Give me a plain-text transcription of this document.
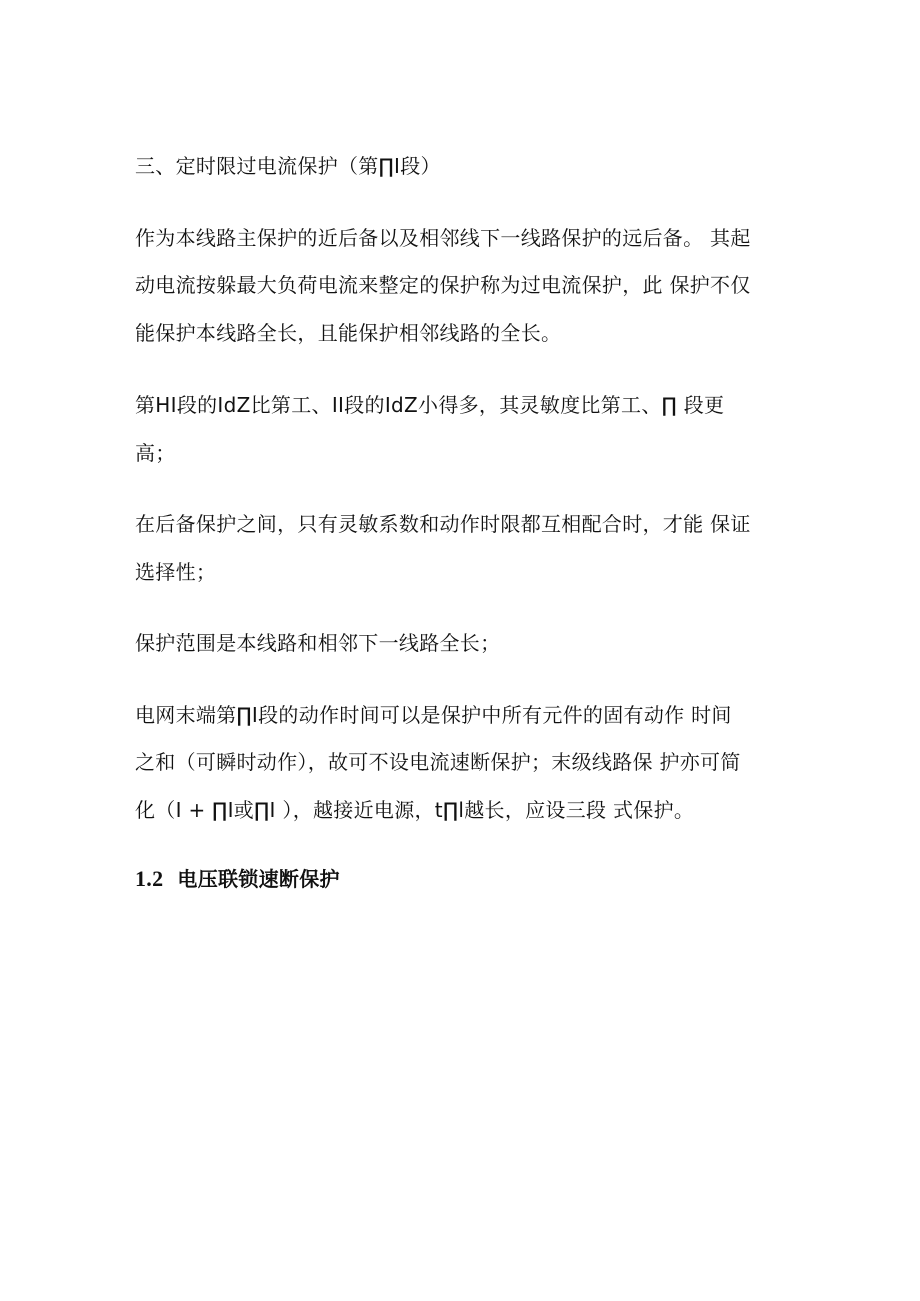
三、定时限过电流保护（第∏I段）
作为本线路主保护的近后备以及相邻线下一线路保护的远后备。 其起
动电流按躲最大负荷电流来整定的保护称为过电流保护，此 保护不仅
能保护本线路全长，且能保护相邻线路的全长。
第HI段的IdZ比第工、II段的IdZ小得多，其灵敏度比第工、∏ 段更
高；
在后备保护之间，只有灵敏系数和动作时限都互相配合时，才能 保证
选择性；
保护范围是本线路和相邻下一线路全长；
电网末端第∏I段的动作时间可以是保护中所有元件的固有动作 时间
之和（可瞬时动作），故可不设电流速断保护；末级线路保 护亦可简
化（I + ∏I或∏I ），越接近电源，t∏l越长，应设三段 式保护。
1.2 电压联锁速断保护
